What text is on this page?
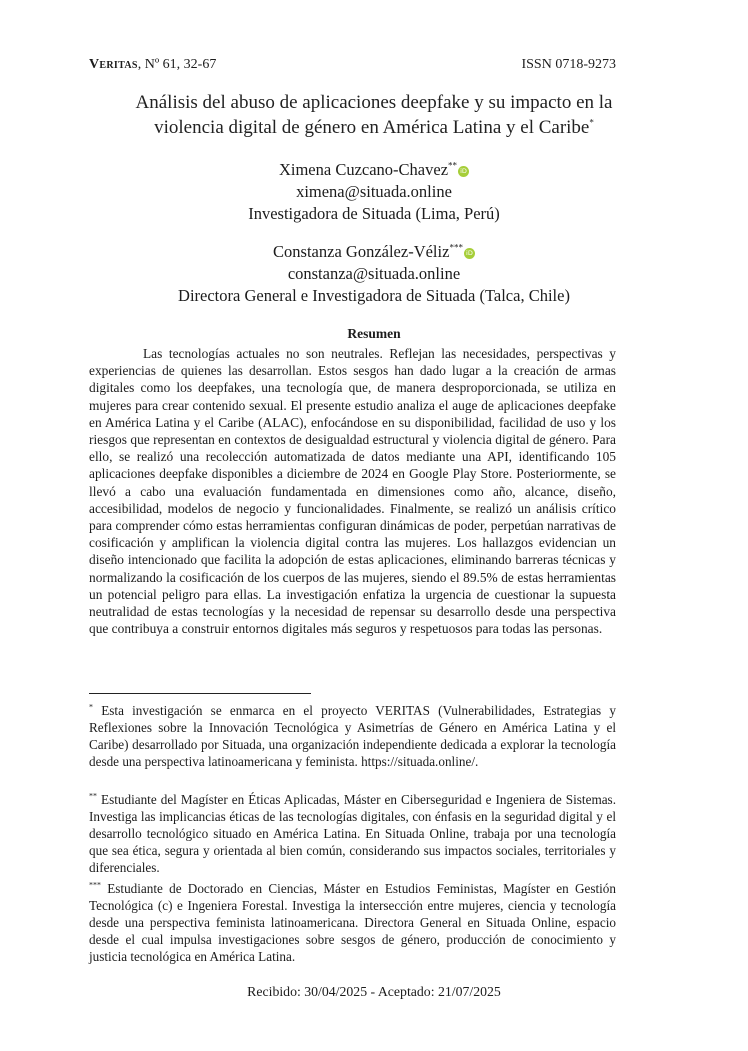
Veritas, Nº 61, 32-67	ISSN 0718-9273
Análisis del abuso de aplicaciones deepfake y su impacto en la
violencia digital de género en América Latina y el Caribe*
Ximena Cuzcano-Chavez**iD
ximena@situada.online
Investigadora de Situada (Lima, Perú)
Constanza González-Véliz***iD
constanza@situada.online
Directora General e Investigadora de Situada (Talca, Chile)
Resumen

Las tecnologías actuales no son neutrales. Reflejan las necesidades, perspectivas y experiencias de quienes las desarrollan. Estos sesgos han dado lugar a la creación de armas digitales como los deepfakes, una tecnología que, de manera desproporcionada, se utiliza en mujeres para crear contenido sexual. El presente estudio analiza el auge de aplicaciones deepfake en América Latina y el Caribe (ALAC), enfocándose en su disponibilidad, facilidad de uso y los riesgos que representan en contextos de desigualdad estructural y violencia digital de género. Para ello, se realizó una recolección automatizada de datos mediante una API, identificando 105 aplicaciones deepfake disponibles a diciembre de 2024 en Google Play Store. Posteriormente, se llevó a cabo una evaluación fundamentada en dimensiones como año, alcance, diseño, accesibilidad, modelos de negocio y funcionalidades. Finalmente, se realizó un análisis crítico para comprender cómo estas herramientas configuran dinámicas de poder, perpetúan narrativas de cosificación y amplifican la violencia digital contra las mujeres. Los hallazgos evidencian un diseño intencionado que facilita la adopción de estas aplicaciones, eliminando barreras técnicas y normalizando la cosificación de los cuerpos de las mujeres, siendo el 89.5% de estas herramientas un potencial peligro para ellas. La investigación enfatiza la urgencia de cuestionar la supuesta neutralidad de estas tecnologías y la necesidad de repensar su desarrollo desde una perspectiva que contribuya a construir entornos digitales más seguros y respetuosos para todas las personas.

* Esta investigación se enmarca en el proyecto VERITAS (Vulnerabilidades, Estrategias y Reflexiones sobre la Innovación Tecnológica y Asimetrías de Género en América Latina y el Caribe) desarrollado por Situada, una organización independiente dedicada a explorar la tecnología desde una perspectiva latinoamericana y feminista. https://situada.online/.

** Estudiante del Magíster en Éticas Aplicadas, Máster en Ciberseguridad e Ingeniera de Sistemas. Investiga las implicancias éticas de las tecnologías digitales, con énfasis en la seguridad digital y el desarrollo tecnológico situado en América Latina. En Situada Online, trabaja por una tecnología que sea ética, segura y orientada al bien común, considerando sus impactos sociales, territoriales y diferenciales.

*** Estudiante de Doctorado en Ciencias, Máster en Estudios Feministas, Magíster en Gestión Tecnológica (c) e Ingeniera Forestal. Investiga la intersección entre mujeres, ciencia y tecnología desde una perspectiva feminista latinoamericana. Directora General en Situada Online, espacio desde el cual impulsa investigaciones sobre sesgos de género, producción de conocimiento y justicia tecnológica en América Latina.

Recibido: 30/04/2025 - Aceptado: 21/07/2025
